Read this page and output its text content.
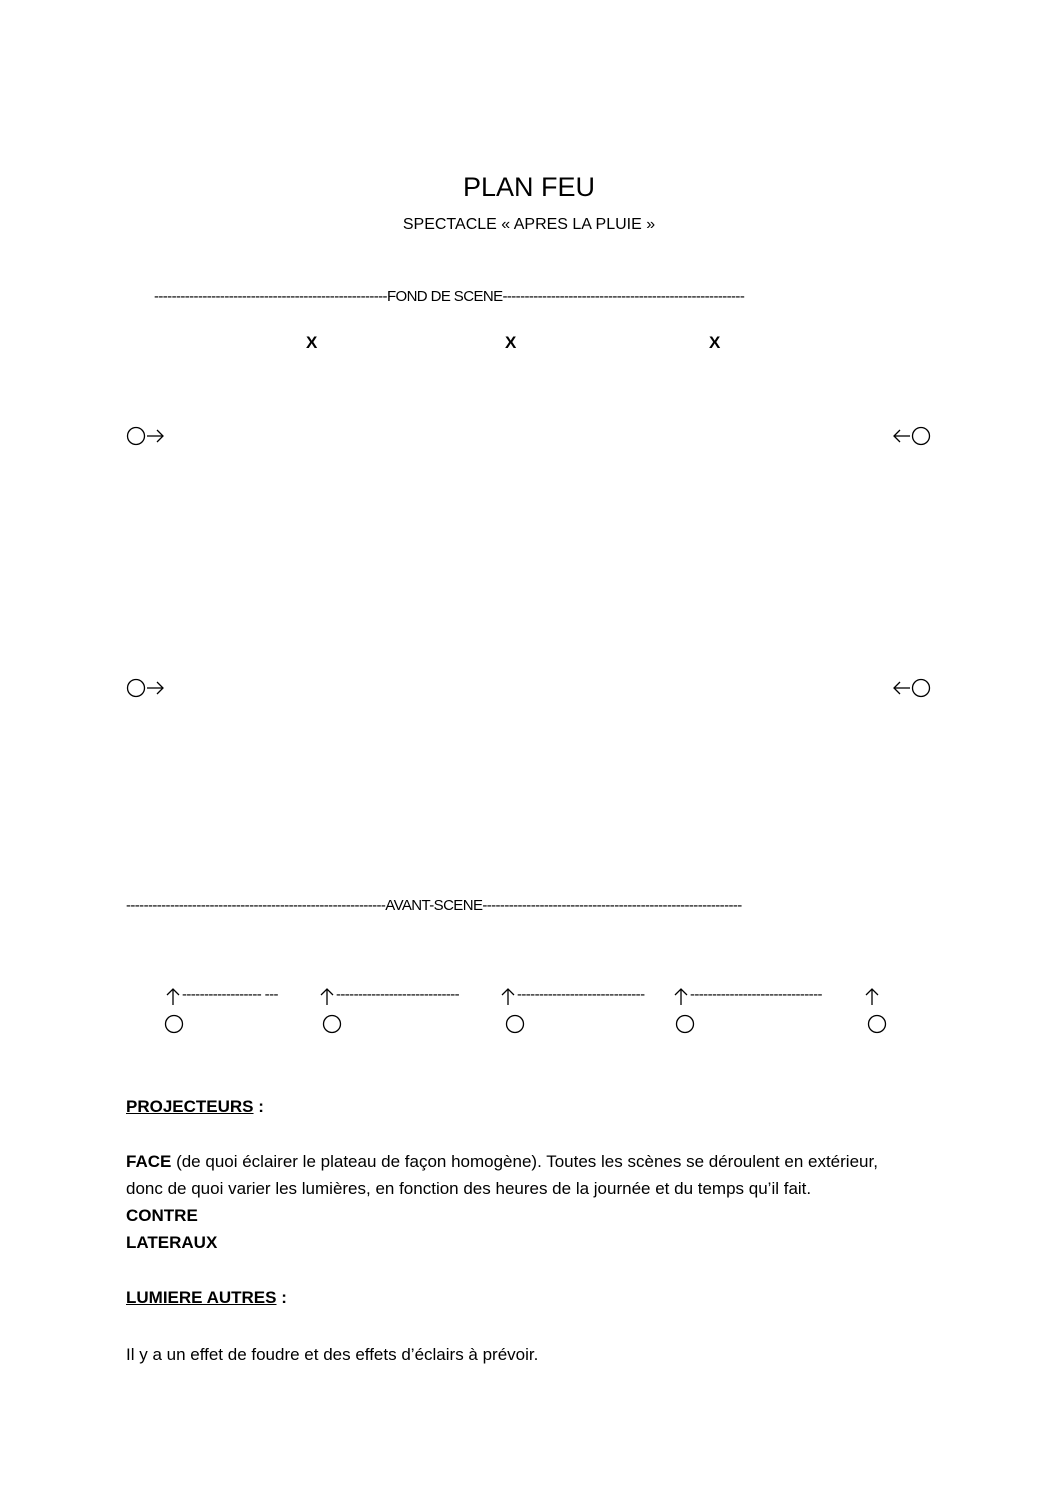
PLAN FEU
SPECTACLE « APRES LA PLUIE »
-----------------------------------------------------FOND DE SCENE-------------------------------------------------------
X	X	X
-----------------------------------------------------------AVANT-SCENE-----------------------------------------------------------
------------------ ---	----------------------------	-----------------------------	------------------------------
PROJECTEURS :
FACE (de quoi éclairer le plateau de façon homogène). Toutes les scènes se déroulent en extérieur,
donc de quoi varier les lumières, en fonction des heures de la journée et du temps qu’il fait.
CONTRE
LATERAUX
LUMIERE AUTRES :
Il y a un effet de foudre et des effets d’éclairs à prévoir.
